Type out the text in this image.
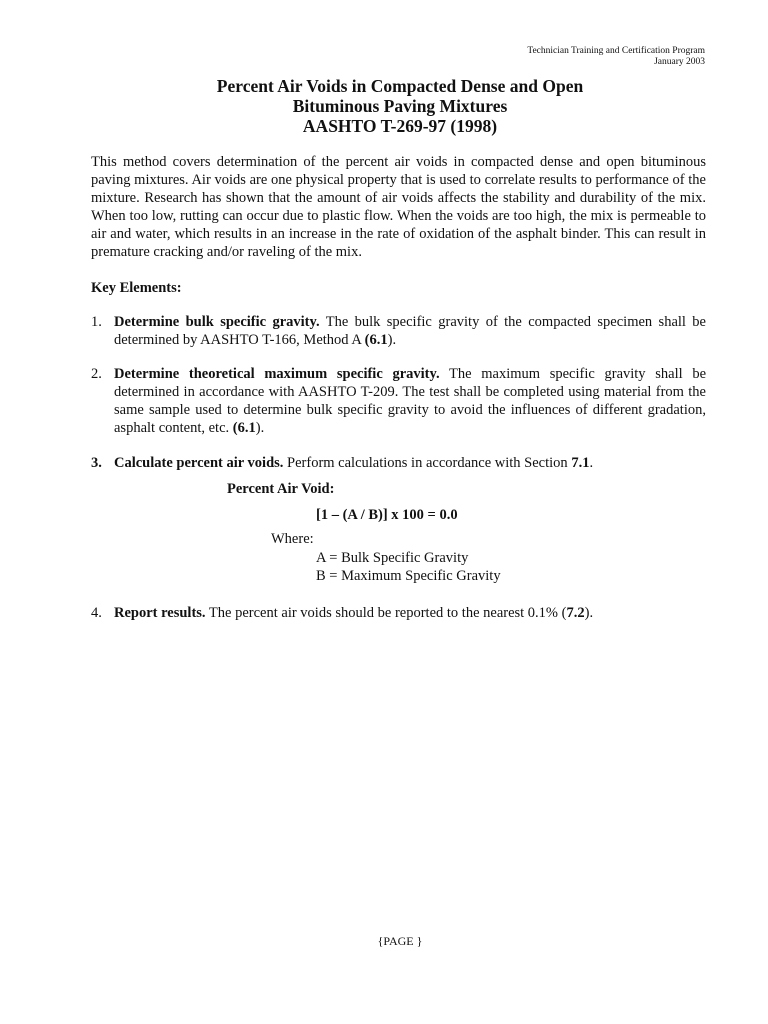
Technician Training and Certification Program
January 2003
Percent Air Voids in Compacted Dense and Open
Bituminous Paving Mixtures
AASHTO T-269-97 (1998)
This method covers determination of the percent air voids in compacted dense and open bituminous paving mixtures. Air voids are one physical property that is used to correlate results to performance of the mixture. Research has shown that the amount of air voids affects the stability and durability of the mix. When too low, rutting can occur due to plastic flow. When the voids are too high, the mix is permeable to air and water, which results in an increase in the rate of oxidation of the asphalt binder. This can result in premature cracking and/or raveling of the mix.
Key Elements:
1. Determine bulk specific gravity. The bulk specific gravity of the compacted specimen shall be determined by AASHTO T-166, Method A (6.1).
2. Determine theoretical maximum specific gravity. The maximum specific gravity shall be determined in accordance with AASHTO T-209. The test shall be completed using material from the same sample used to determine bulk specific gravity to avoid the influences of different gradation, asphalt content, etc. (6.1).
3. Calculate percent air voids. Perform calculations in accordance with Section 7.1.
Percent Air Void:
[1 – (A / B)] x 100 = 0.0
Where:
A = Bulk Specific Gravity
B = Maximum Specific Gravity
4. Report results. The percent air voids should be reported to the nearest 0.1% (7.2).
{PAGE }
